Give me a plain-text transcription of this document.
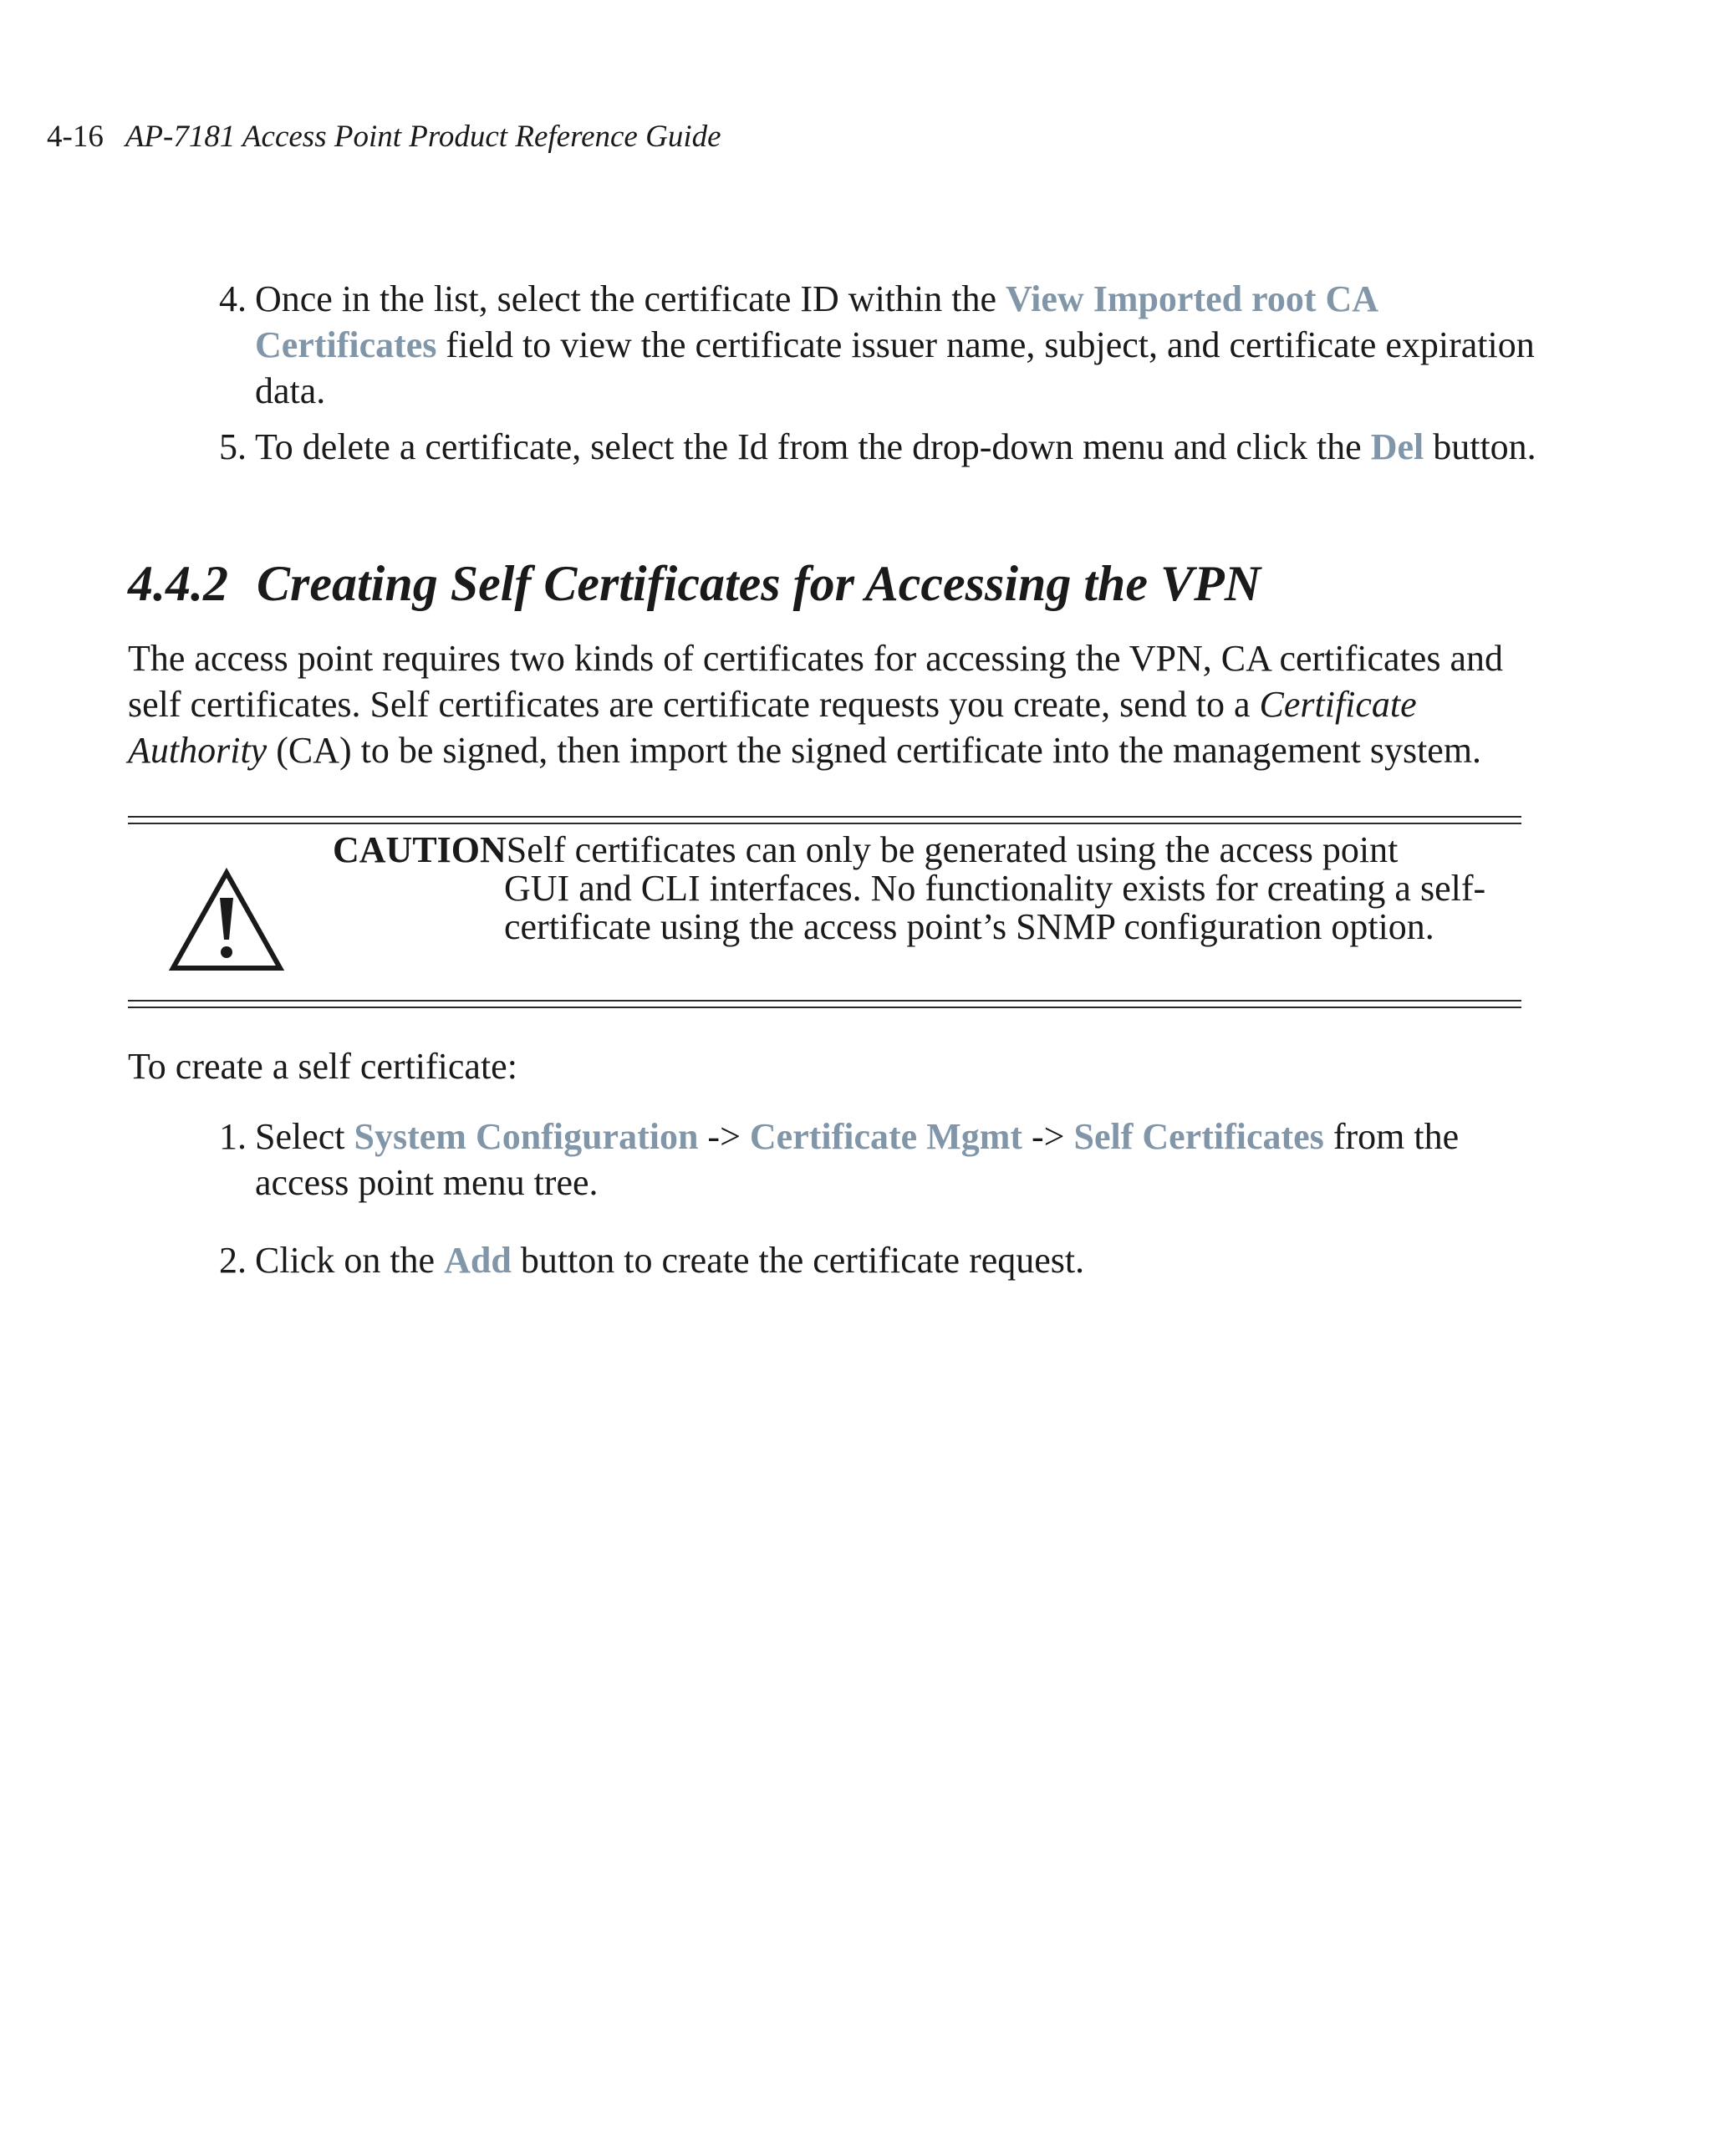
4-16 AP-7181 Access Point Product Reference Guide
4. Once in the list, select the certificate ID within the View Imported root CA Certificates field to view the certificate issuer name, subject, and certificate expiration data.
5. To delete a certificate, select the Id from the drop-down menu and click the Del button.
4.4.2 Creating Self Certificates for Accessing the VPN
The access point requires two kinds of certificates for accessing the VPN, CA certificates and self certificates. Self certificates are certificate requests you create, send to a Certificate Authority (CA) to be signed, then import the signed certificate into the management system.
CAUTIONSelf certificates can only be generated using the access point
GUI and CLI interfaces. No functionality exists for creating a self-certificate using the access point’s SNMP configuration option.
To create a self certificate:
1. Select System Configuration -> Certificate Mgmt -> Self Certificates from the access point menu tree.
2. Click on the Add button to create the certificate request.
